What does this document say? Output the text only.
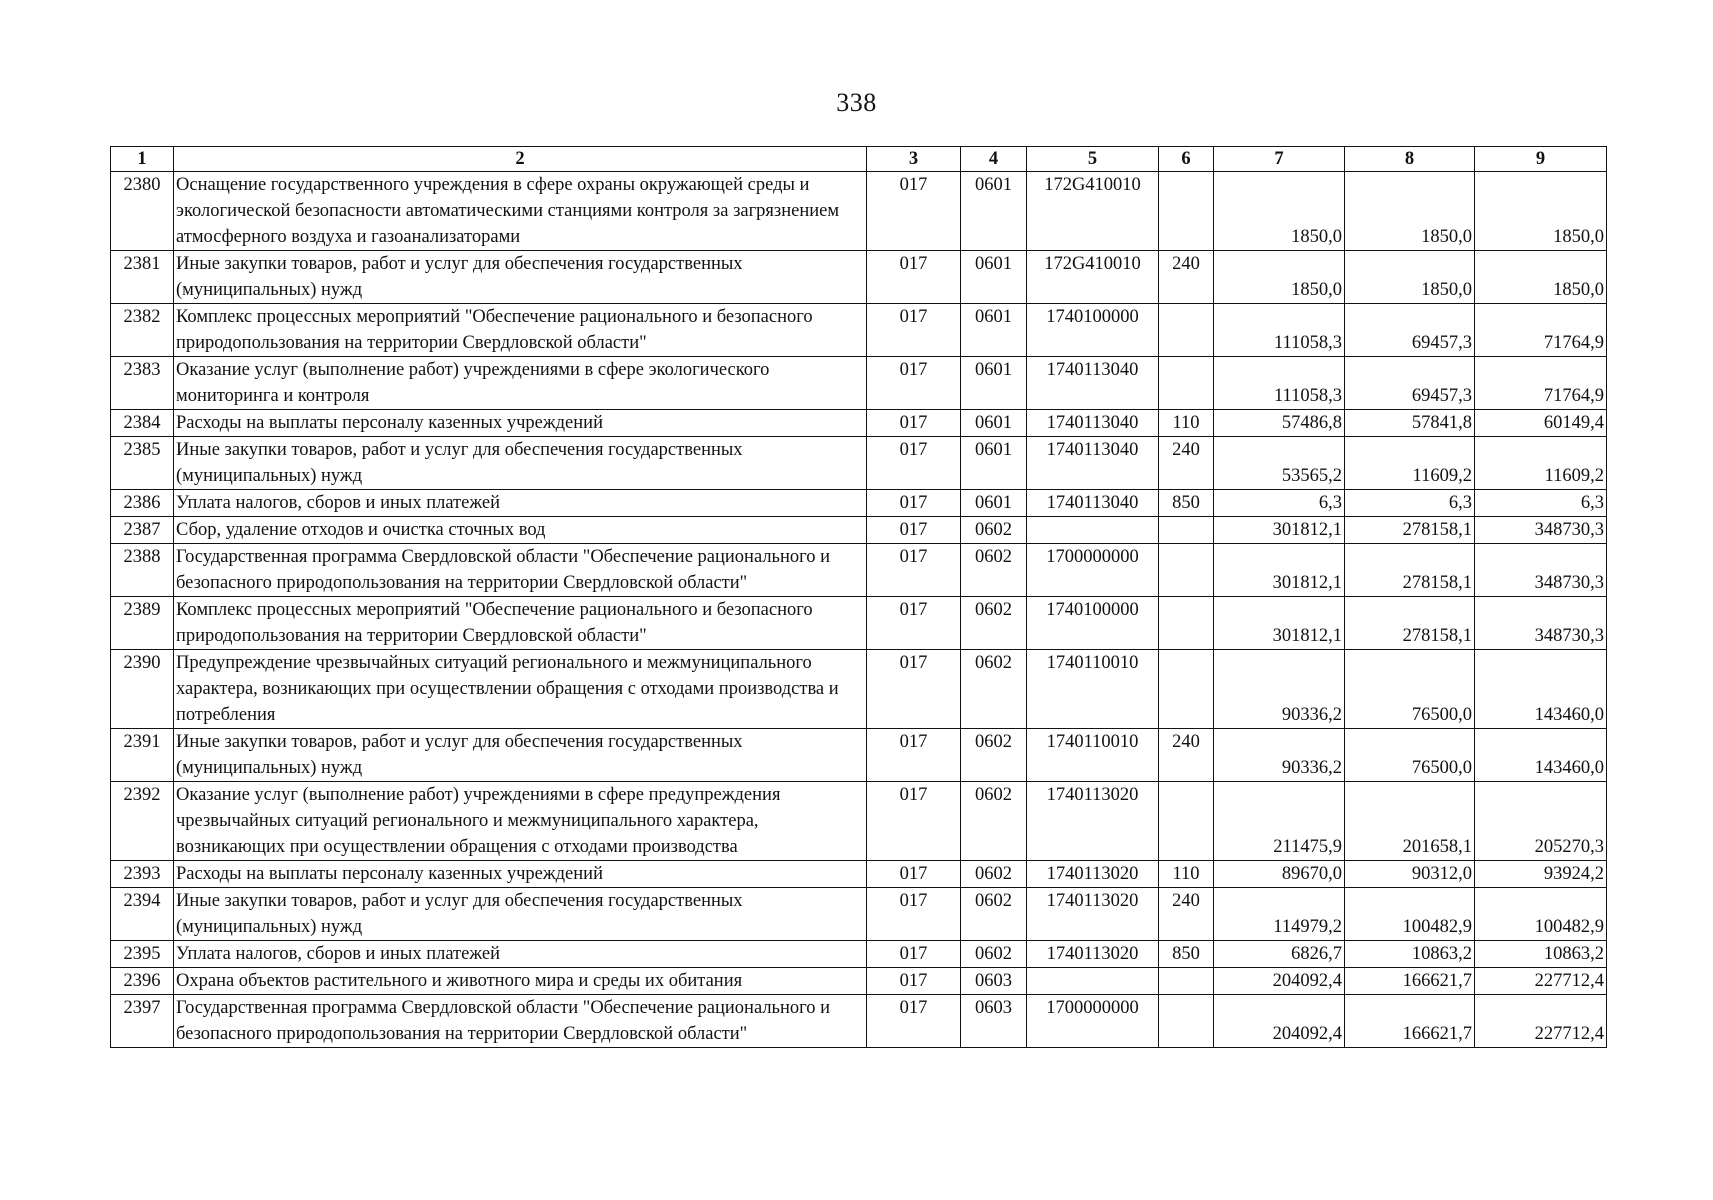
338
1	2	3	4	5	6	7	8	9
2380	Оснащение государственного учреждения в сфере охраны окружающей среды и экологической безопасности автоматическими станциями контроля за загрязнением атмосферного воздуха и газоанализаторами	017	0601	172G410010		1850,0	1850,0	1850,0
2381	Иные закупки товаров, работ и услуг для обеспечения государственных (муниципальных) нужд	017	0601	172G410010	240	1850,0	1850,0	1850,0
2382	Комплекс процессных мероприятий "Обеспечение рационального и безопасного природопользования на территории Свердловской области"	017	0601	1740100000		111058,3	69457,3	71764,9
2383	Оказание услуг (выполнение работ) учреждениями в сфере экологического мониторинга и контроля	017	0601	1740113040		111058,3	69457,3	71764,9
2384	Расходы на выплаты персоналу казенных учреждений	017	0601	1740113040	110	57486,8	57841,8	60149,4
2385	Иные закупки товаров, работ и услуг для обеспечения государственных (муниципальных) нужд	017	0601	1740113040	240	53565,2	11609,2	11609,2
2386	Уплата налогов, сборов и иных платежей	017	0601	1740113040	850	6,3	6,3	6,3
2387	Сбор, удаление отходов и очистка сточных вод	017	0602			301812,1	278158,1	348730,3
2388	Государственная программа Свердловской области "Обеспечение рационального и безопасного природопользования на территории Свердловской области"	017	0602	1700000000		301812,1	278158,1	348730,3
2389	Комплекс процессных мероприятий "Обеспечение рационального и безопасного природопользования на территории Свердловской области"	017	0602	1740100000		301812,1	278158,1	348730,3
2390	Предупреждение чрезвычайных ситуаций регионального и межмуниципального характера, возникающих при осуществлении обращения с отходами производства и потребления	017	0602	1740110010		90336,2	76500,0	143460,0
2391	Иные закупки товаров, работ и услуг для обеспечения государственных (муниципальных) нужд	017	0602	1740110010	240	90336,2	76500,0	143460,0
2392	Оказание услуг (выполнение работ) учреждениями в сфере предупреждения чрезвычайных ситуаций регионального и межмуниципального характера, возникающих при осуществлении обращения с отходами производства	017	0602	1740113020		211475,9	201658,1	205270,3
2393	Расходы на выплаты персоналу казенных учреждений	017	0602	1740113020	110	89670,0	90312,0	93924,2
2394	Иные закупки товаров, работ и услуг для обеспечения государственных (муниципальных) нужд	017	0602	1740113020	240	114979,2	100482,9	100482,9
2395	Уплата налогов, сборов и иных платежей	017	0602	1740113020	850	6826,7	10863,2	10863,2
2396	Охрана объектов растительного и животного мира и среды их обитания	017	0603			204092,4	166621,7	227712,4
2397	Государственная программа Свердловской области "Обеспечение рационального и безопасного природопользования на территории Свердловской области"	017	0603	1700000000		204092,4	166621,7	227712,4
